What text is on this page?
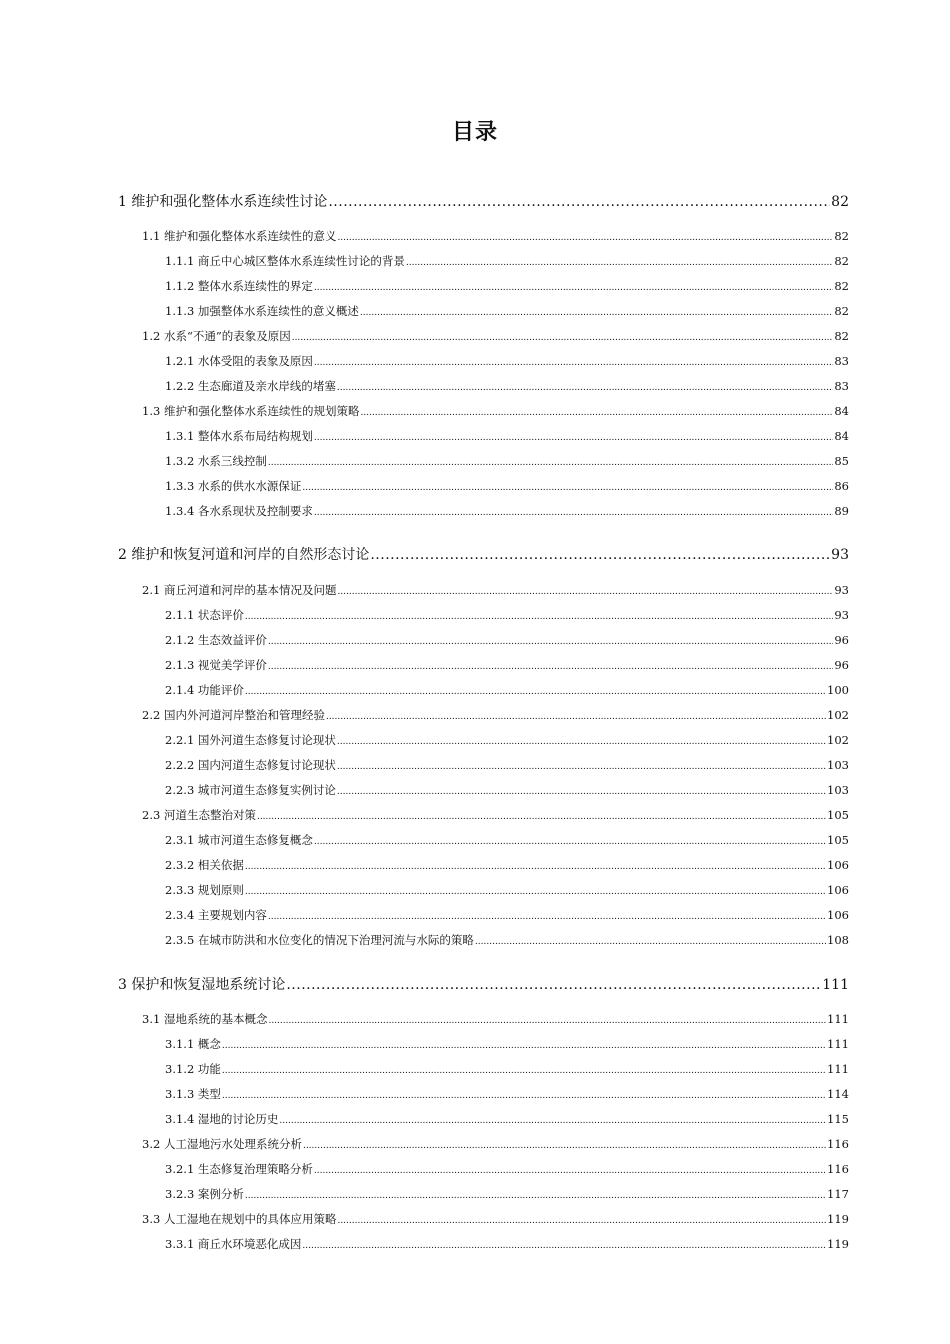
目录
1 维护和强化整体水系连续性讨论 .....	82
1.1 维护和强化整体水系连续性的意义 .....	82
1.1.1 商丘中心城区整体水系连续性讨论的背景 .....	82
1.1.2 整体水系连续性的界定 .....	82
1.1.3 加强整体水系连续性的意义概述 .....	82
1.2 水系“不通”的表象及原因 .....	82
1.2.1 水体受阻的表象及原因 .....	83
1.2.2 生态廊道及亲水岸线的堵塞 .....	83
1.3 维护和强化整体水系连续性的规划策略 .....	84
1.3.1 整体水系布局结构规划 .....	84
1.3.2 水系三线控制 .....	85
1.3.3 水系的供水水源保证 .....	86
1.3.4 各水系现状及控制要求 .....	89
2 维护和恢复河道和河岸的自然形态讨论 .....	93
2.1 商丘河道和河岸的基本情况及问题 .....	93
2.1.1 状态评价 .....	93
2.1.2 生态效益评价 .....	96
2.1.3 视觉美学评价 .....	96
2.1.4 功能评价 .....	100
2.2 国内外河道河岸整治和管理经验 .....	102
2.2.1 国外河道生态修复讨论现状 .....	102
2.2.2 国内河道生态修复讨论现状 .....	103
2.2.3 城市河道生态修复实例讨论 .....	103
2.3 河道生态整治对策 .....	105
2.3.1 城市河道生态修复概念 .....	105
2.3.2 相关依据 .....	106
2.3.3 规划原则 .....	106
2.3.4 主要规划内容 .....	106
2.3.5 在城市防洪和水位变化的情况下治理河流与水际的策略 .....	108
3 保护和恢复湿地系统讨论 .....	111
3.1 湿地系统的基本概念 .....	111
3.1.1 概念 .....	111
3.1.2 功能 .....	111
3.1.3 类型 .....	114
3.1.4 湿地的讨论历史 .....	115
3.2 人工湿地污水处理系统分析 .....	116
3.2.1 生态修复治理策略分析 .....	116
3.2.3 案例分析 .....	117
3.3 人工湿地在规划中的具体应用策略 .....	119
3.3.1 商丘水环境恶化成因 .....	119
